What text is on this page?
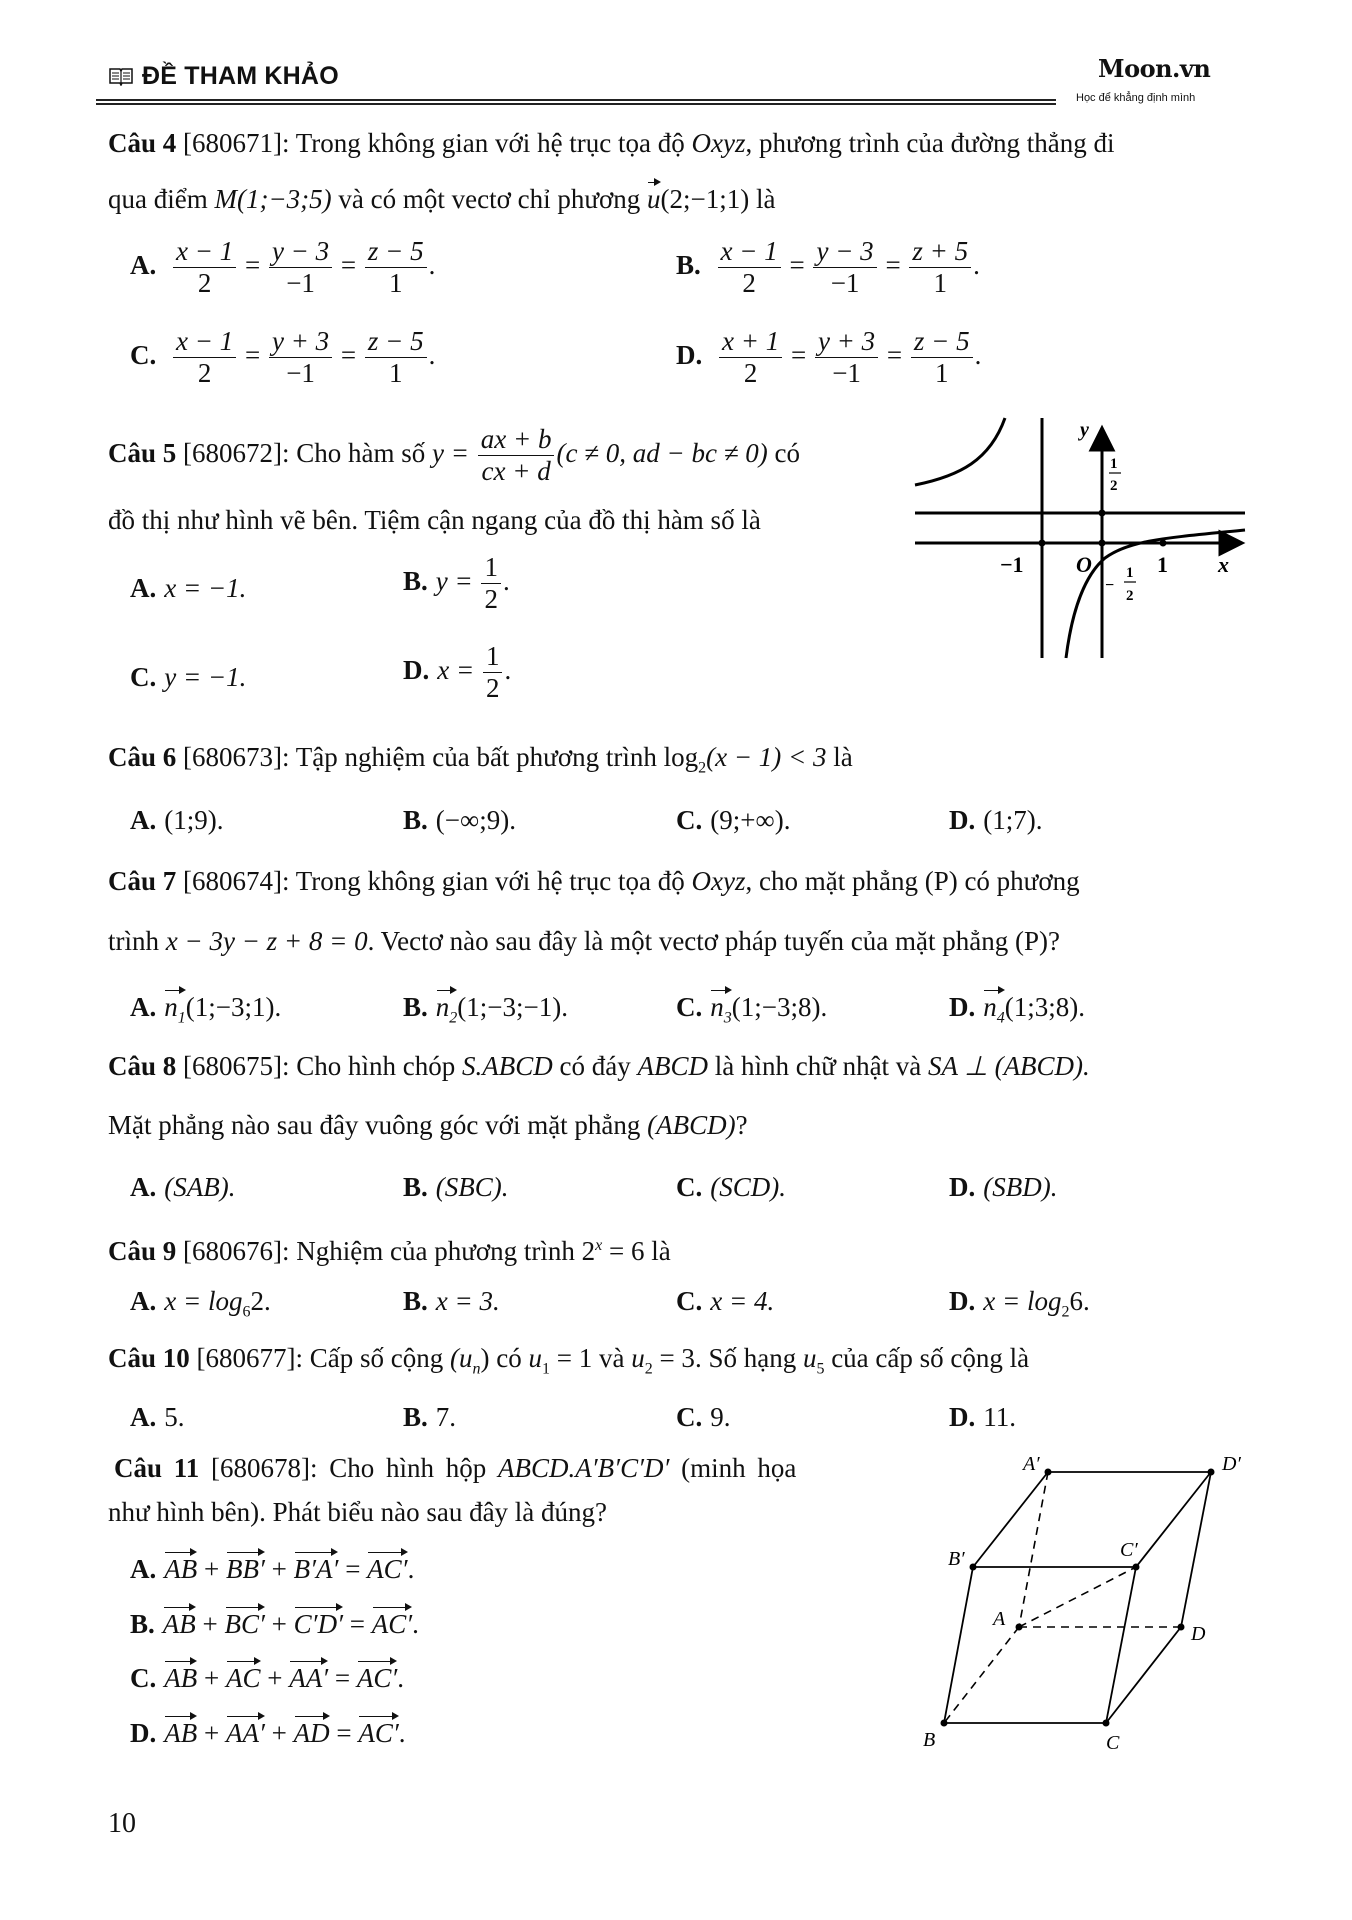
ĐỀ THAM KHẢO	Moon.vn
Học để khẳng định mình
Câu 4 [680671]: Trong không gian với hệ trục tọa độ Oxyz, phương trình của đường thẳng đi
qua điểm M(1;−3;5) và có một vectơ chỉ phương u(2;−1;1) là
A. $\frac{x - 1}{2} = \frac{y - 3}{-1} = \frac{z - 5}{1}$ .	B. $\frac{x - 1}{2} = \frac{y - 3}{-1} = \frac{z + 5}{1}$ .
C. $\frac{x - 1}{2} = \frac{y + 3}{-1} = \frac{z - 5}{1}$ .	D. $\frac{x + 1}{2} = \frac{y + 3}{-1} = \frac{z - 5}{1}$ .
Câu 5 [680672]: Cho hàm số $y = \frac{ax + b}{cx + d} (c \ne 0$, ad − bc ≠ 0) có
đồ thị như hình vẽ bên. Tiệm cận ngang của đồ thị hàm số là
A. x = −1.	B. $y = \frac{1}{2}$ .
C. y = −1.	D. $x = \frac{1}{2}$ .
y
1
2
−1 O	1 x
−
1
2
Câu 6 [680673]: Tập nghiệm của bất phương trình $\log_2(x - 1) < 3$ là
A. (1;9).	B. (−∞;9).	C. (9;+∞).	D. (1;7).
Câu 7 [680674]: Trong không gian với hệ trục tọa độ Oxyz, cho mặt phẳng (P) có phương
trình x − 3y − z + 8 = 0. Vectơ nào sau đây là một vectơ pháp tuyến của mặt phẳng (P)?
A. $n_1(1;-3;1)$.	B. $n_2(1;-3;-1)$.	C. $n_3(1;-3;8)$.	D. $n_4(1;3;8)$.
Câu 8 [680675]: Cho hình chóp S.ABCD có đáy ABCD là hình chữ nhật và SA ⊥ (ABCD).
Mặt phẳng nào sau đây vuông góc với mặt phẳng (ABCD)?
A. (SAB).	B. (SBC).	C. (SCD).	D. (SBD).
Câu 9 [680676]: Nghiệm của phương trình $2^x = 6$ là
A. $x = \log_62$.	B. x = 3.	C. x = 4.	D. $x = \log_26$.
Câu 10 [680677]: Cấp số cộng $(u_n)$ có $u_1 = 1$ và $u_2 = 3$. Số hạng $u_5$ của cấp số cộng là
A. 5.	B. 7.	C. 9.	D. 11.
Câu 11 [680678]: Cho hình hộp ABCD.A′B′C′D′ (minh họa
như hình bên). Phát biểu nào sau đây là đúng?
A. AB + BB′ + B′A′ = AC′.
B. AB + BC′ + C′D′ = AC′.
C. AB + AC + AA′ = AC′.
D. AB + AA′ + AD = AC′.
A′	D′
B′	C′
A
D
B	C
10
